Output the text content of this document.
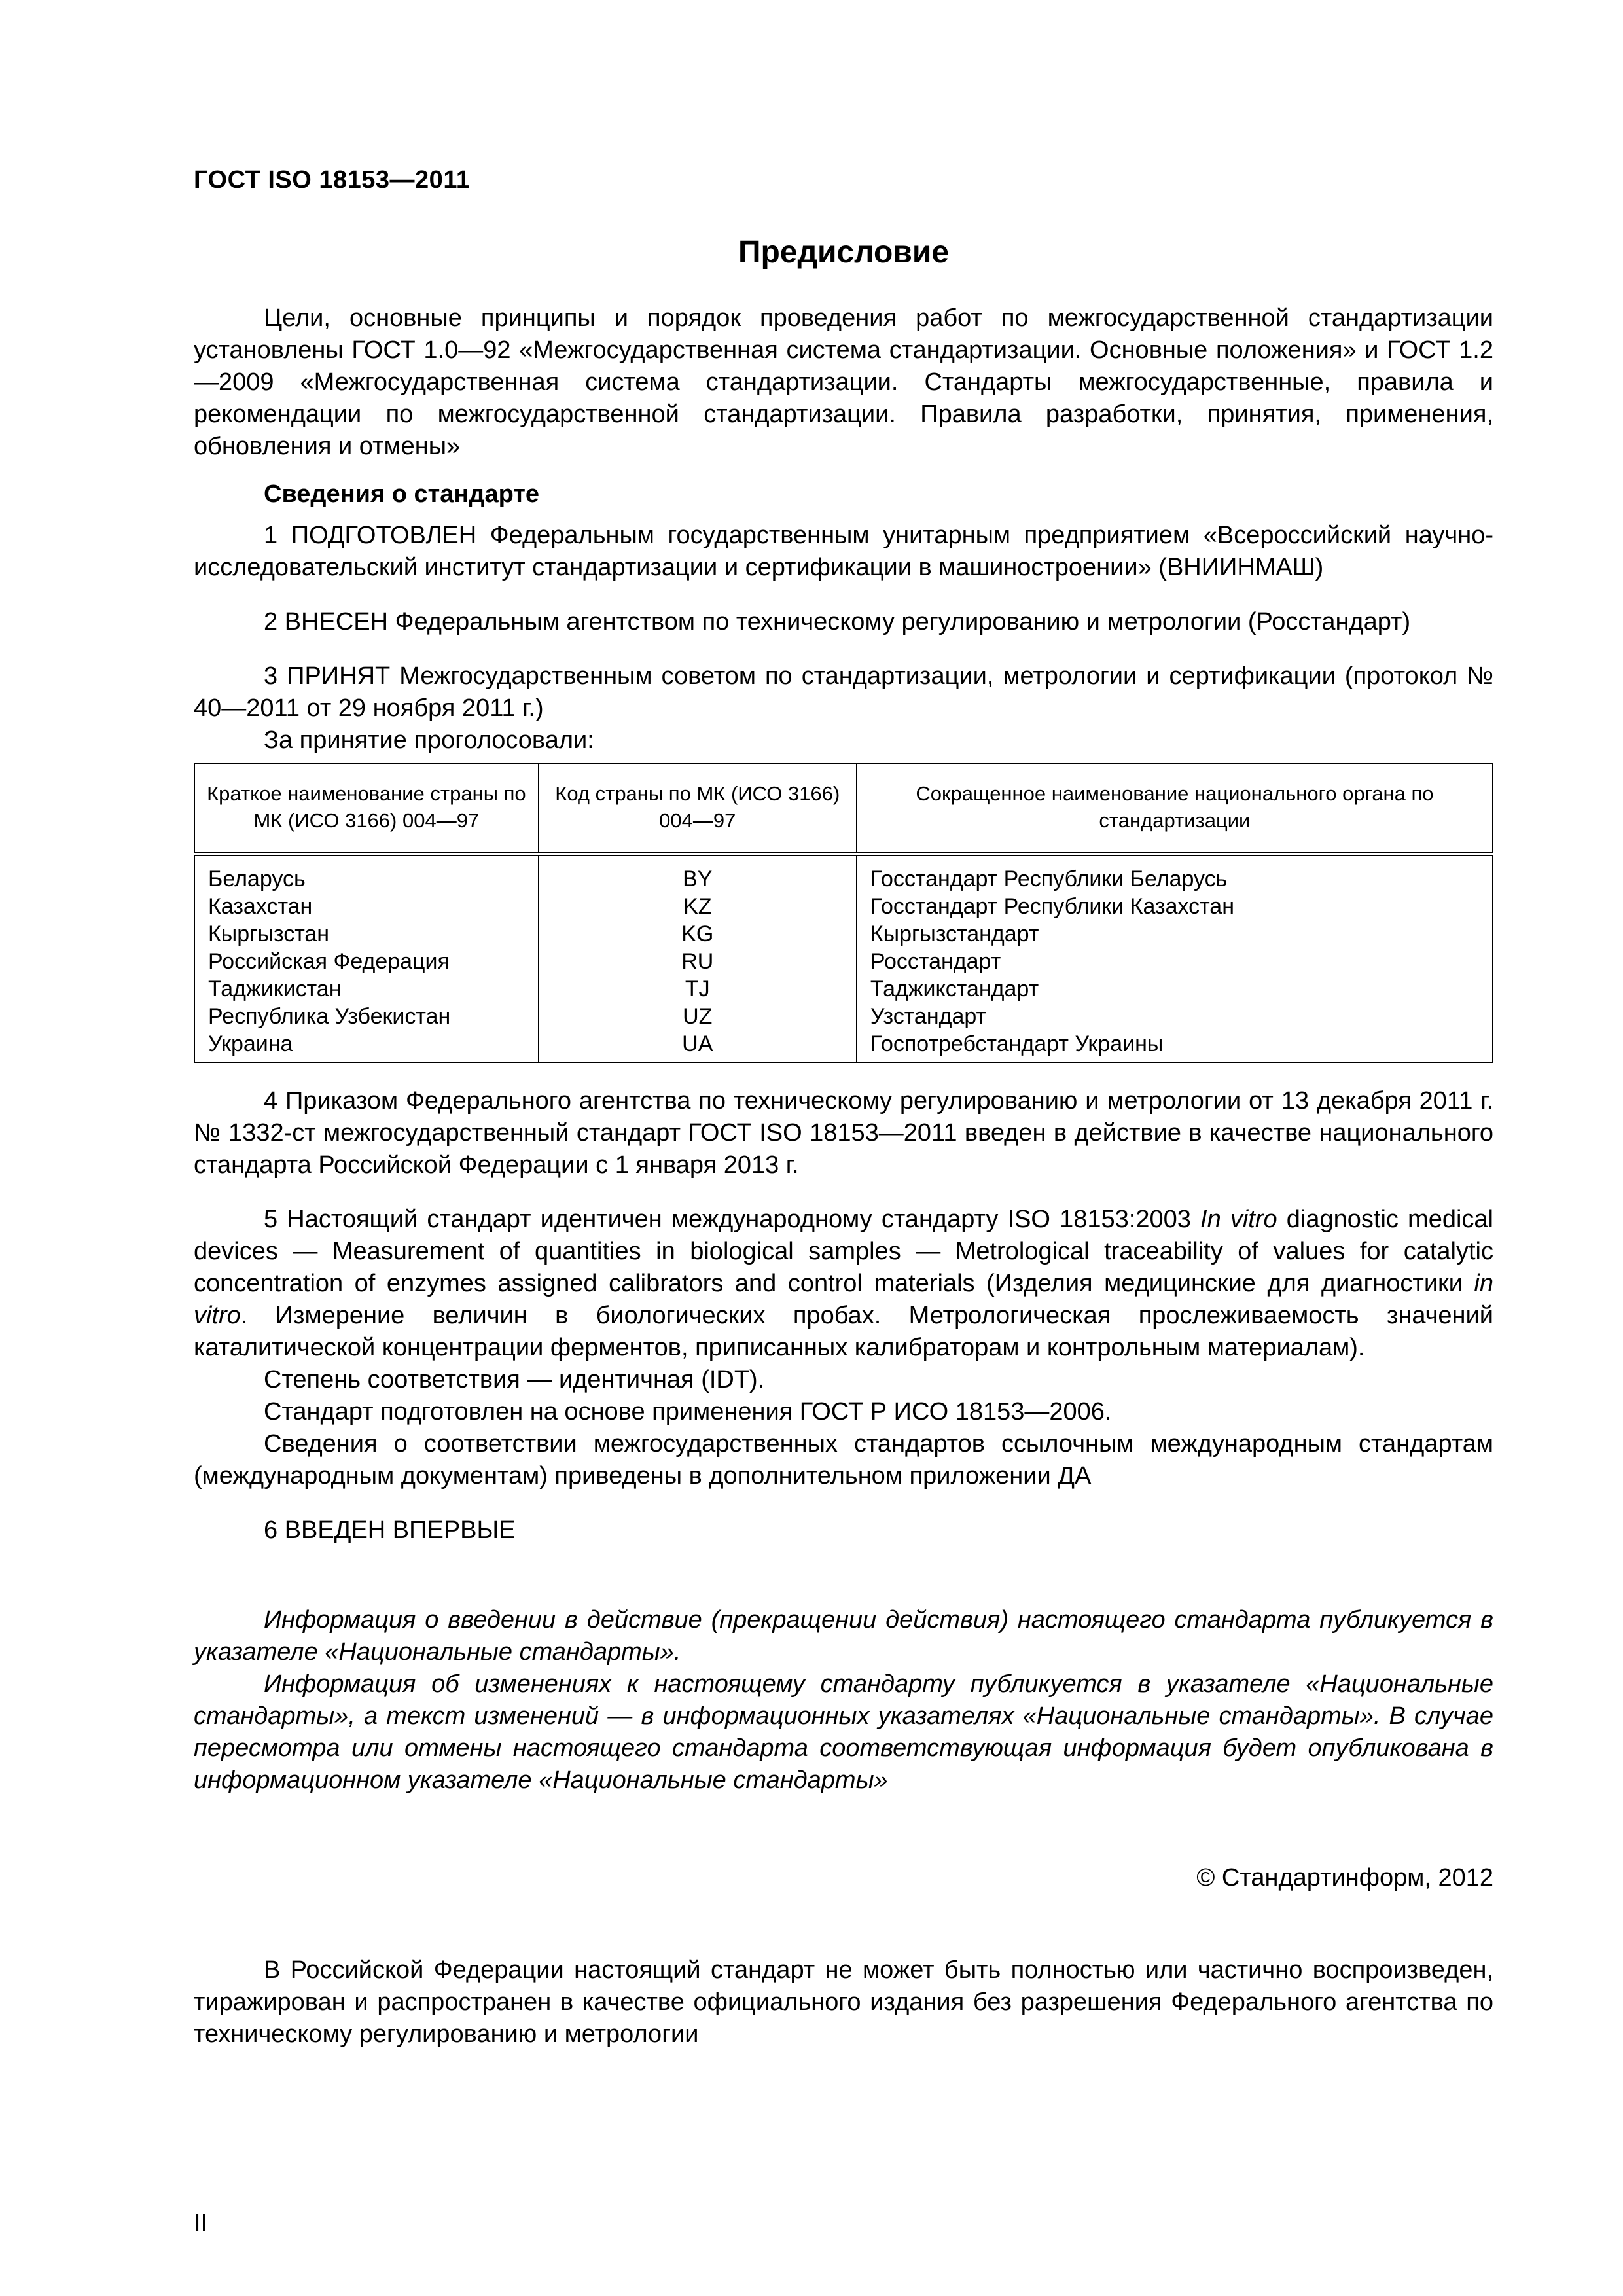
ГОСТ ISO 18153—2011
Предисловие

Цели, основные принципы и порядок проведения работ по межгосударственной стандартизации установлены ГОСТ 1.0—92 «Межгосударственная система стандартизации. Основные положения» и ГОСТ 1.2—2009 «Межгосударственная система стандартизации. Стандарты межгосударственные, правила и рекомендации по межгосударственной стандартизации. Правила разработки, принятия, применения, обновления и отмены»

Сведения о стандарте

1 ПОДГОТОВЛЕН Федеральным государственным унитарным предприятием «Всероссийский научно-исследовательский институт стандартизации и сертификации в машиностроении» (ВНИИНМАШ)

2 ВНЕСЕН Федеральным агентством по техническому регулированию и метрологии (Росстандарт)

3 ПРИНЯТ Межгосударственным советом по стандартизации, метрологии и сертификации (протокол № 40—2011 от 29 ноября 2011 г.)

За принятие проголосовали:

Краткое наименование страны по МК (ИСО 3166) 004—97	Код страны по МК (ИСО 3166) 004—97	Сокращенное наименование национального органа по стандартизации
Беларусь	BY	Госстандарт Республики Беларусь
Казахстан	KZ	Госстандарт Республики Казахстан
Кыргызстан	KG	Кыргызстандарт
Российская Федерация	RU	Росстандарт
Таджикистан	TJ	Таджикстандарт
Республика Узбекистан	UZ	Узстандарт
Украина	UA	Госпотребстандарт Украины

4 Приказом Федерального агентства по техническому регулированию и метрологии от 13 декабря 2011 г. № 1332-ст межгосударственный стандарт ГОСТ ISO 18153—2011 введен в действие в качестве национального стандарта Российской Федерации с 1 января 2013 г.

5 Настоящий стандарт идентичен международному стандарту ISO 18153:2003 In vitro diagnostic medical devices — Measurement of quantities in biological samples — Metrological traceability of values for catalytic concentration of enzymes assigned calibrators and control materials (Изделия медицинские для диагностики in vitro. Измерение величин в биологических пробах. Метрологическая прослеживаемость значений каталитической концентрации ферментов, приписанных калибраторам и контрольным материалам).

Степень соответствия — идентичная (IDT).

Стандарт подготовлен на основе применения ГОСТ Р ИСО 18153—2006.

Сведения о соответствии межгосударственных стандартов ссылочным международным стандартам (международным документам) приведены в дополнительном приложении ДА

6 ВВЕДЕН ВПЕРВЫЕ

Информация о введении в действие (прекращении действия) настоящего стандарта публикуется в указателе «Национальные стандарты».

Информация об изменениях к настоящему стандарту публикуется в указателе «Национальные стандарты», а текст изменений — в информационных указателях «Национальные стандарты». В случае пересмотра или отмены настоящего стандарта соответствующая информация будет опубликована в информационном указателе «Национальные стандарты»

© Стандартинформ, 2012

В Российской Федерации настоящий стандарт не может быть полностью или частично воспроизведен, тиражирован и распространен в качестве официального издания без разрешения Федерального агентства по техническому регулированию и метрологии

II
